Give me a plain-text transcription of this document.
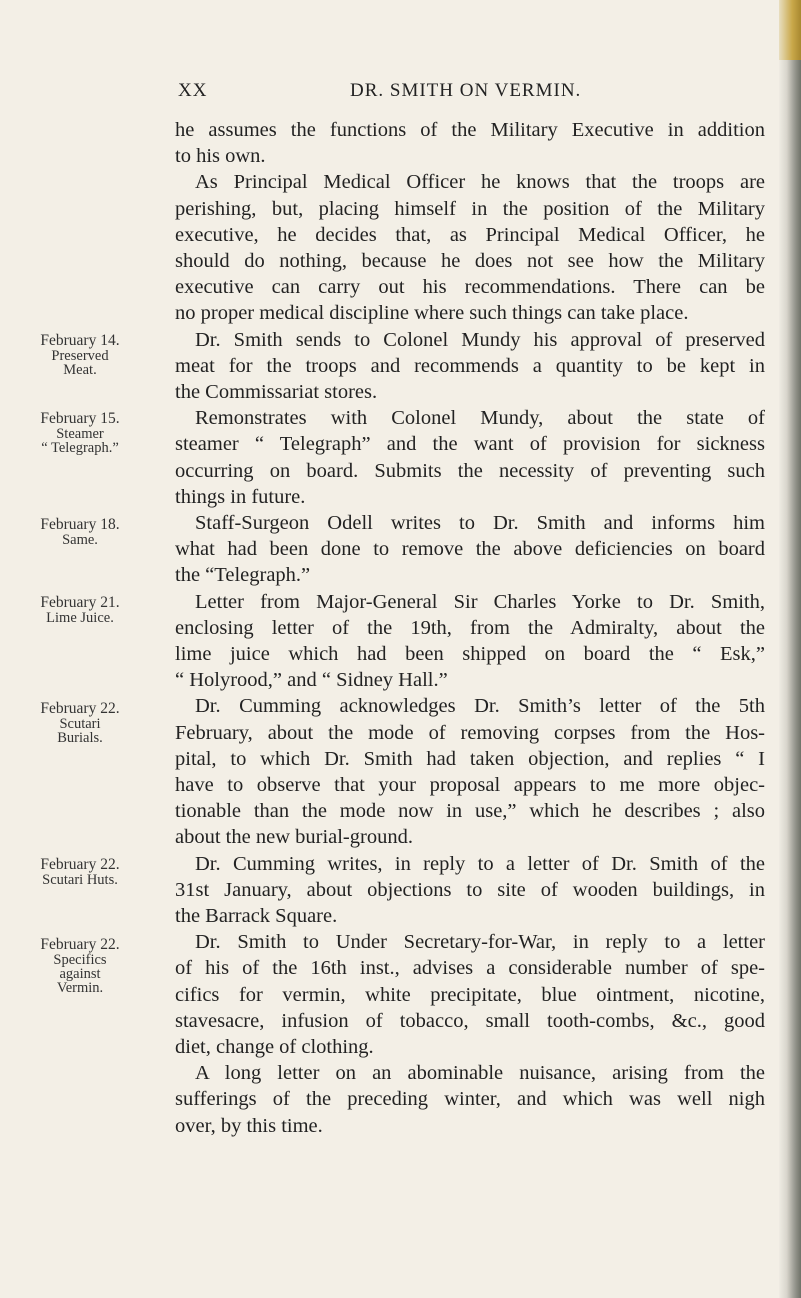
XX	DR. SMITH ON VERMIN.
he assumes the functions of the Military Executive in addition
to his own.
As Principal Medical Officer he knows that the troops are
perishing, but, placing himself in the position of the Military
executive, he decides that, as Principal Medical Officer, he
should do nothing, because he does not see how the Military
executive can carry out his recommendations. There can be
no proper medical discipline where such things can take place.
Dr. Smith sends to Colonel Mundy his approval of preserved
meat for the troops and recommends a quantity to be kept in
the Commissariat stores.
Remonstrates with Colonel Mundy, about the state of
steamer “ Telegraph” and the want of provision for sickness
occurring on board. Submits the necessity of preventing such
things in future.
Staff-Surgeon Odell writes to Dr. Smith and informs him
what had been done to remove the above deficiencies on board
the “Telegraph.”
Letter from Major-General Sir Charles Yorke to Dr. Smith,
enclosing letter of the 19th, from the Admiralty, about the
lime juice which had been shipped on board the “ Esk,”
“ Holyrood,” and “ Sidney Hall.”
Dr. Cumming acknowledges Dr. Smith’s letter of the 5th
February, about the mode of removing corpses from the Hos-
pital, to which Dr. Smith had taken objection, and replies “ I
have to observe that your proposal appears to me more objec-
tionable than the mode now in use,” which he describes ; also
about the new burial-ground.
Dr. Cumming writes, in reply to a letter of Dr. Smith of the
31st January, about objections to site of wooden buildings, in
the Barrack Square.
Dr. Smith to Under Secretary-for-War, in reply to a letter
of his of the 16th inst., advises a considerable number of spe-
cifics for vermin, white precipitate, blue ointment, nicotine,
stavesacre, infusion of tobacco, small tooth-combs, &c., good
diet, change of clothing.
A long letter on an abominable nuisance, arising from the
sufferings of the preceding winter, and which was well nigh
over, by this time.
February 14.
Preserved
Meat.
February 15.
Steamer
“ Telegraph.”
February 18.
Same.
February 21.
Lime Juice.
February 22.
Scutari
Burials.
February 22.
Scutari Huts.
February 22.
Specifics
against
Vermin.
